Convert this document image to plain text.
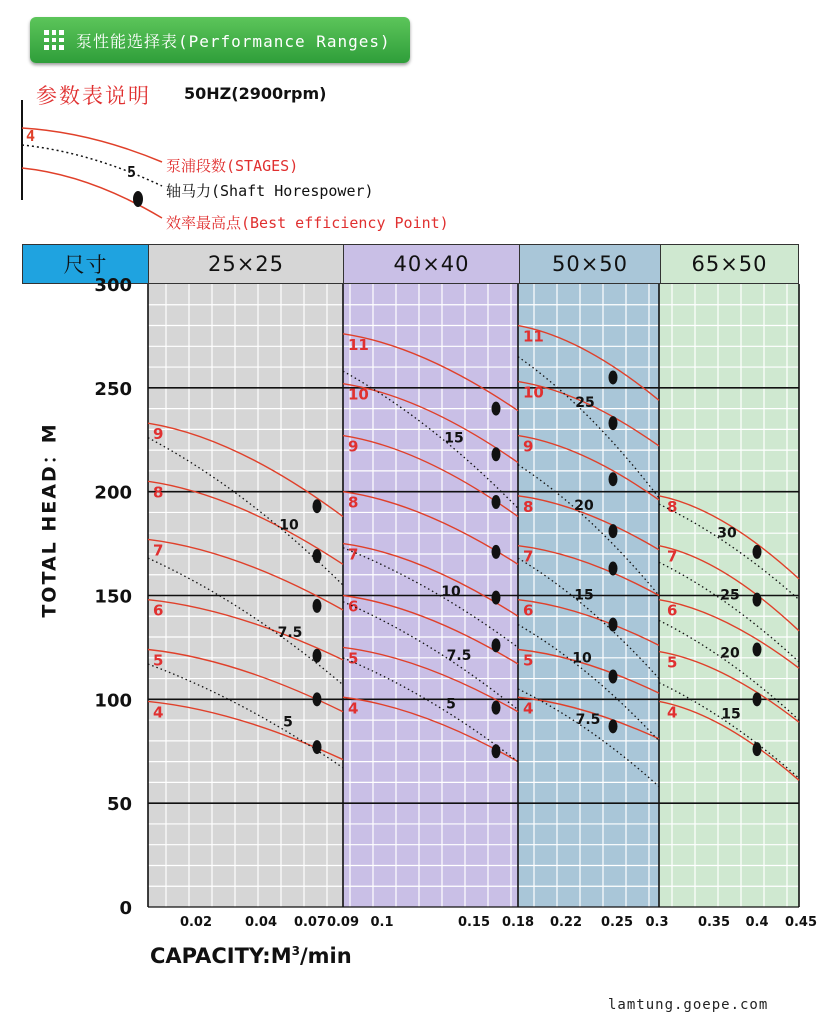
泵性能选择表(Performance Ranges)
参数表说明 50HZ(2900rpm)
4
5 泵浦段数(STAGES)
轴马力(Shaft Horespower)
效率最高点(Best efficiency Point)
尺寸	25×25	40×40	50×50	65×50
300
250
200
150
100
50
0
4
5
6
7
8
9
5
7.5
10
0.02	0.04 0.07 0.09
4
5
6
7
8
9
10
11
5
7.5
10
15
0.1	0.15 0.18
4
5
6
7
8
9
10
11
7.5
10
15
20
25
0.22 0.25 0.3
4
5
6
7
8
15
20
25
30
0.35 0.4 0.45
TOTAL HEAD：M
$CAPACITY:M^3/\min$
lamtung.goepe.com
